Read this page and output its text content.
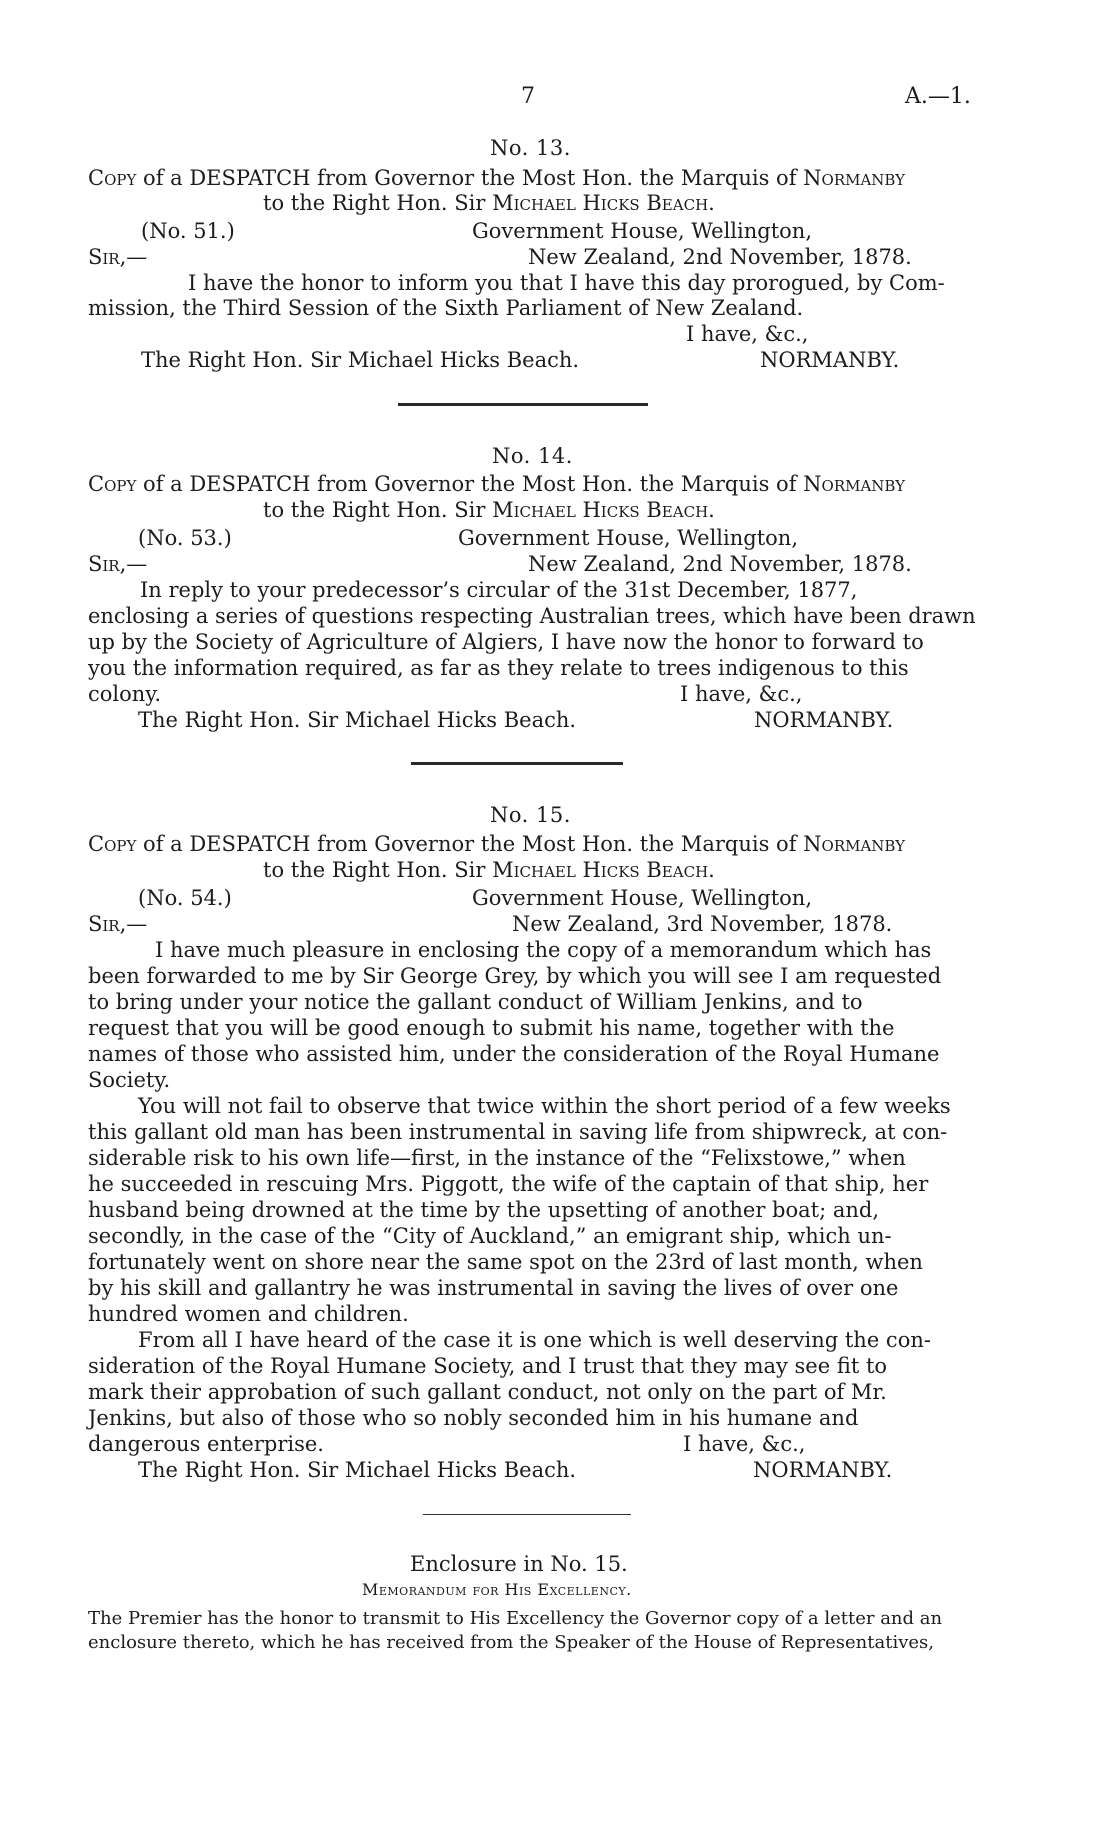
7	A.—1.
No. 13.
Copy of a DESPATCH from Governor the Most Hon. the Marquis of Normanby
to the Right Hon. Sir Michael Hicks Beach.
(No. 51.)	Government House, Wellington,
Sir,—	New Zealand, 2nd November, 1878.
I have the honor to inform you that I have this day prorogued, by Com-
mission, the Third Session of the Sixth Parliament of New Zealand.
I have, &c.,
The Right Hon. Sir Michael Hicks Beach.	NORMANBY.
No. 14.
Copy of a DESPATCH from Governor the Most Hon. the Marquis of Normanby
to the Right Hon. Sir Michael Hicks Beach.
(No. 53.)	Government House, Wellington,
Sir,—	New Zealand, 2nd November, 1878.
In reply to your predecessor’s circular of the 31st December, 1877,
enclosing a series of questions respecting Australian trees, which have been drawn
up by the Society of Agriculture of Algiers, I have now the honor to forward to
you the information required, as far as they relate to trees indigenous to this
colony.	I have, &c.,
The Right Hon. Sir Michael Hicks Beach.	NORMANBY.
No. 15.
Copy of a DESPATCH from Governor the Most Hon. the Marquis of Normanby
to the Right Hon. Sir Michael Hicks Beach.
(No. 54.)	Government House, Wellington,
Sir,—	New Zealand, 3rd November, 1878.
I have much pleasure in enclosing the copy of a memorandum which has
been forwarded to me by Sir George Grey, by which you will see I am requested
to bring under your notice the gallant conduct of William Jenkins, and to
request that you will be good enough to submit his name, together with the
names of those who assisted him, under the consideration of the Royal Humane
Society.
You will not fail to observe that twice within the short period of a few weeks
this gallant old man has been instrumental in saving life from shipwreck, at con-
siderable risk to his own life—first, in the instance of the “Felixstowe,” when
he succeeded in rescuing Mrs. Piggott, the wife of the captain of that ship, her
husband being drowned at the time by the upsetting of another boat; and,
secondly, in the case of the “City of Auckland,” an emigrant ship, which un-
fortunately went on shore near the same spot on the 23rd of last month, when
by his skill and gallantry he was instrumental in saving the lives of over one
hundred women and children.
From all I have heard of the case it is one which is well deserving the con-
sideration of the Royal Humane Society, and I trust that they may see fit to
mark their approbation of such gallant conduct, not only on the part of Mr.
Jenkins, but also of those who so nobly seconded him in his humane and
dangerous enterprise.	I have, &c.,
The Right Hon. Sir Michael Hicks Beach.	NORMANBY.
Enclosure in No. 15.
Memorandum for His Excellency.
The Premier has the honor to transmit to His Excellency the Governor copy of a letter and an
enclosure thereto, which he has received from the Speaker of the House of Representatives,
